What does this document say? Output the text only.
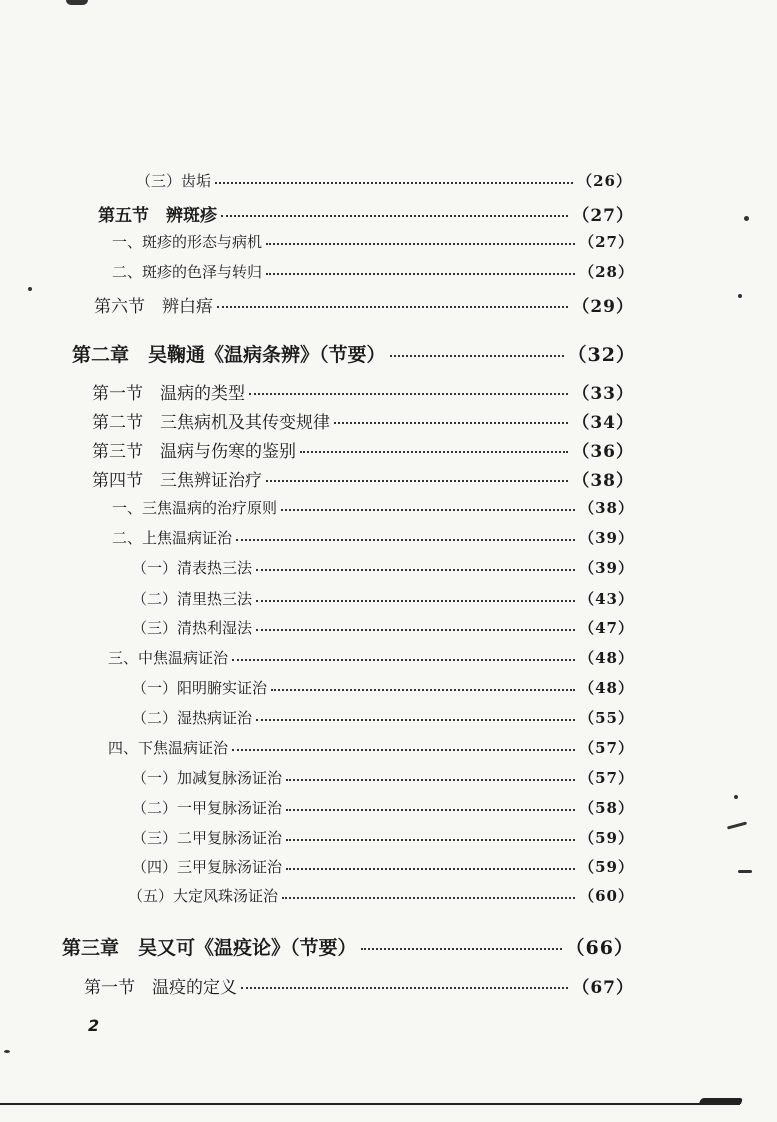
（三）齿垢	（26）
第五节　辨斑疹	（27）
一、斑疹的形态与病机	（27）
二、斑疹的色泽与转归	（28）
第六节　辨白痦	（29）
第二章　吴鞠通《温病条辨》（节要）	（32）
第一节　温病的类型	（33）
第二节　三焦病机及其传变规律	（34）
第三节　温病与伤寒的鉴别	（36）
第四节　三焦辨证治疗	（38）
一、三焦温病的治疗原则	（38）
二、上焦温病证治	（39）
（一）清表热三法	（39）
（二）清里热三法	（43）
（三）清热利湿法	（47）
三、中焦温病证治	（48）
（一）阳明腑实证治	（48）
（二）湿热病证治	（55）
四、下焦温病证治	（57）
（一）加减复脉汤证治	（57）
（二）一甲复脉汤证治	（58）
（三）二甲复脉汤证治	（59）
（四）三甲复脉汤证治	（59）
（五）大定风珠汤证治	（60）
第三章　吴又可《温疫论》（节要）	（66）
第一节　温疫的定义	（67）
2
